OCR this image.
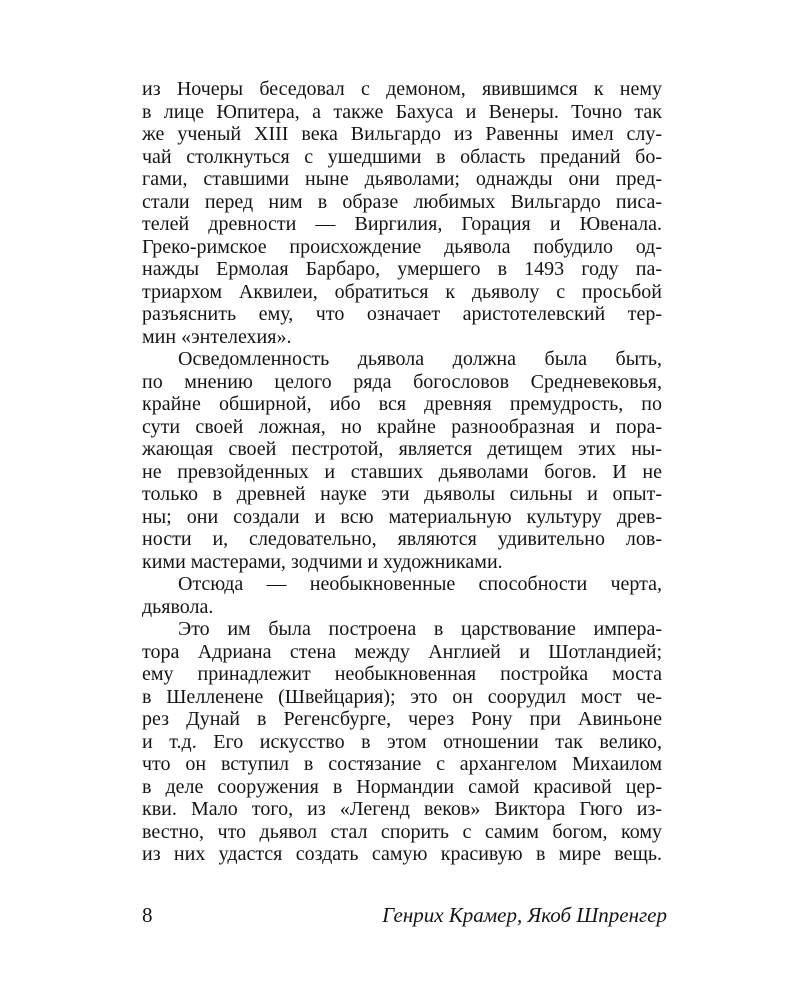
из Ночеры беседовал с демоном, явившимся к нему
в лице Юпитера, а также Бахуса и Венеры. Точно так
же ученый XIII века Вильгардо из Равенны имел слу-
чай столкнуться с ушедшими в область преданий бо-
гами, ставшими ныне дьяволами; однажды они пред-
стали перед ним в образе любимых Вильгардо писа-
телей древности — Виргилия, Горация и Ювенала.
Греко-римское происхождение дьявола побудило од-
нажды Ермолая Барбаро, умершего в 1493 году па-
триархом Аквилеи, обратиться к дьяволу с просьбой
разъяснить ему, что означает аристотелевский тер-
мин «энтелехия».
Осведомленность дьявола должна была быть,
по мнению целого ряда богословов Средневековья,
крайне обширной, ибо вся древняя премудрость, по
сути своей ложная, но крайне разнообразная и пора-
жающая своей пестротой, является детищем этих ны-
не превзойденных и ставших дьяволами богов. И не
только в древней науке эти дьяволы сильны и опыт-
ны; они создали и всю материальную культуру древ-
ности и, следовательно, являются удивительно лов-
кими мастерами, зодчими и художниками.
Отсюда — необыкновенные способности черта,
дьявола.
Это им была построена в царствование импера-
тора Адриана стена между Англией и Шотландией;
ему принадлежит необыкновенная постройка моста
в Шелленене (Швейцария); это он соорудил мост че-
рез Дунай в Регенсбурге, через Рону при Авиньоне
и т.д. Его искусство в этом отношении так велико,
что он вступил в состязание с архангелом Михаилом
в деле сооружения в Нормандии самой красивой цер-
кви. Мало того, из «Легенд веков» Виктора Гюго из-
вестно, что дьявол стал спорить с самим богом, кому
из них удастся создать самую красивую в мире вещь.
8	Генрих Крамер, Якоб Шпренгер
